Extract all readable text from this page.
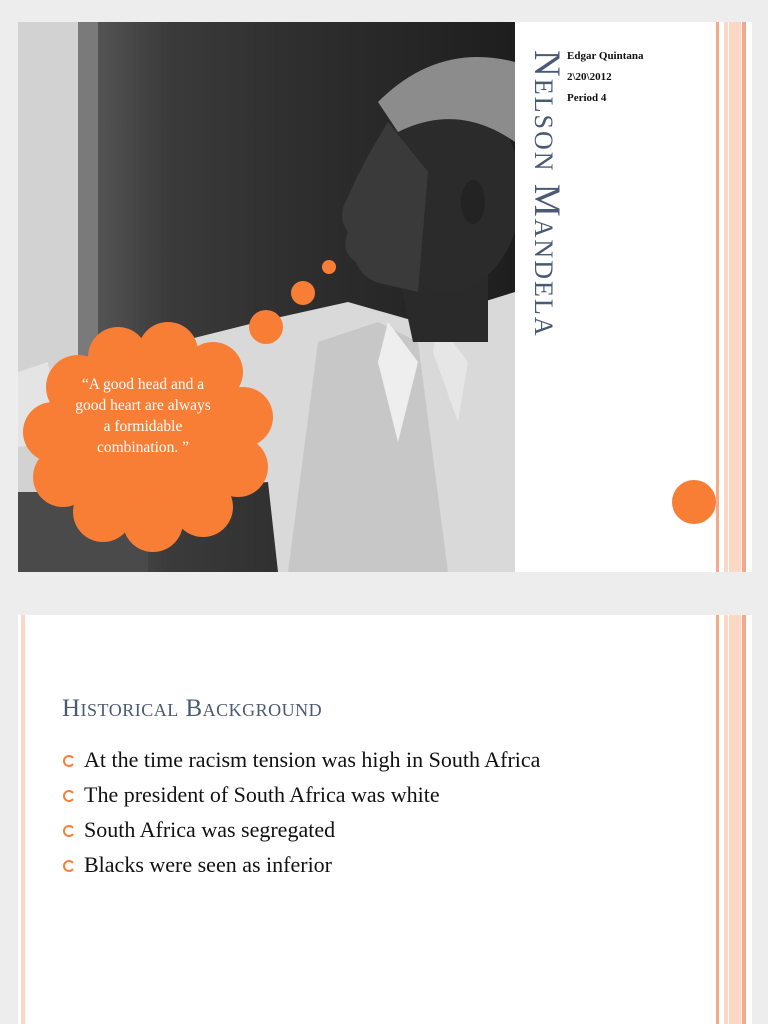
“A good head and a good heart are always a formidable combination. ”
Nelson Mandela Edgar Quintana
2\20\2012
Period 4
Historical Background
At the time racism tension was high in South Africa
The president of South Africa was white
South Africa was segregated
Blacks were seen as inferior
